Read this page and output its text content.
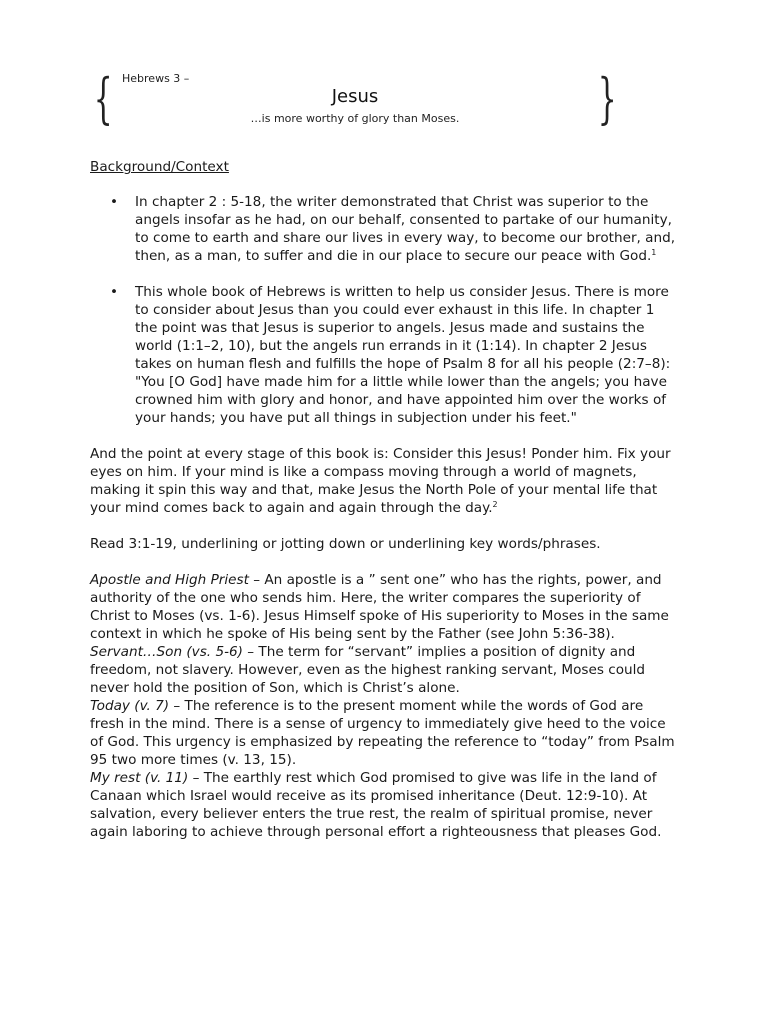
{	}
Hebrews 3 –
Jesus
…is more worthy of glory than Moses.
Background/Context
• In chapter 2 : 5-18, the writer demonstrated that Christ was superior to the angels insofar as he had, on our behalf, consented to partake of our humanity, to come to earth and share our lives in every way, to become our brother, and, then, as a man, to suffer and die in our place to secure our peace with God.$^1$
• This whole book of Hebrews is written to help us consider Jesus. There is more to consider about Jesus than you could ever exhaust in this life. In chapter 1 the point was that Jesus is superior to angels. Jesus made and sustains the world (1:1–2, 10), but the angels run errands in it (1:14). In chapter 2 Jesus takes on human flesh and fulfills the hope of Psalm 8 for all his people (2:7–8): "You [O God] have made him for a little while lower than the angels; you have crowned him with glory and honor, and have appointed him over the works of your hands; you have put all things in subjection under his feet."

And the point at every stage of this book is: Consider this Jesus! Ponder him. Fix your eyes on him. If your mind is like a compass moving through a world of magnets, making it spin this way and that, make Jesus the North Pole of your mental life that your mind comes back to again and again through the day.$^2$

Read 3:1-19, underlining or jotting down or underlining key words/phrases.

Apostle and High Priest – An apostle is a ” sent one” who has the rights, power, and authority of the one who sends him. Here, the writer compares the superiority of Christ to Moses (vs. 1-6). Jesus Himself spoke of His superiority to Moses in the same context in which he spoke of His being sent by the Father (see John 5:36-38).

Servant…Son (vs. 5-6) – The term for “servant” implies a position of dignity and freedom, not slavery. However, even as the highest ranking servant, Moses could never hold the position of Son, which is Christ’s alone.

Today (v. 7) – The reference is to the present moment while the words of God are fresh in the mind. There is a sense of urgency to immediately give heed to the voice of God. This urgency is emphasized by repeating the reference to “today” from Psalm 95 two more times (v. 13, 15).

My rest (v. 11) – The earthly rest which God promised to give was life in the land of Canaan which Israel would receive as its promised inheritance (Deut. 12:9-10). At salvation, every believer enters the true rest, the realm of spiritual promise, never again laboring to achieve through personal effort a righteousness that pleases God.
